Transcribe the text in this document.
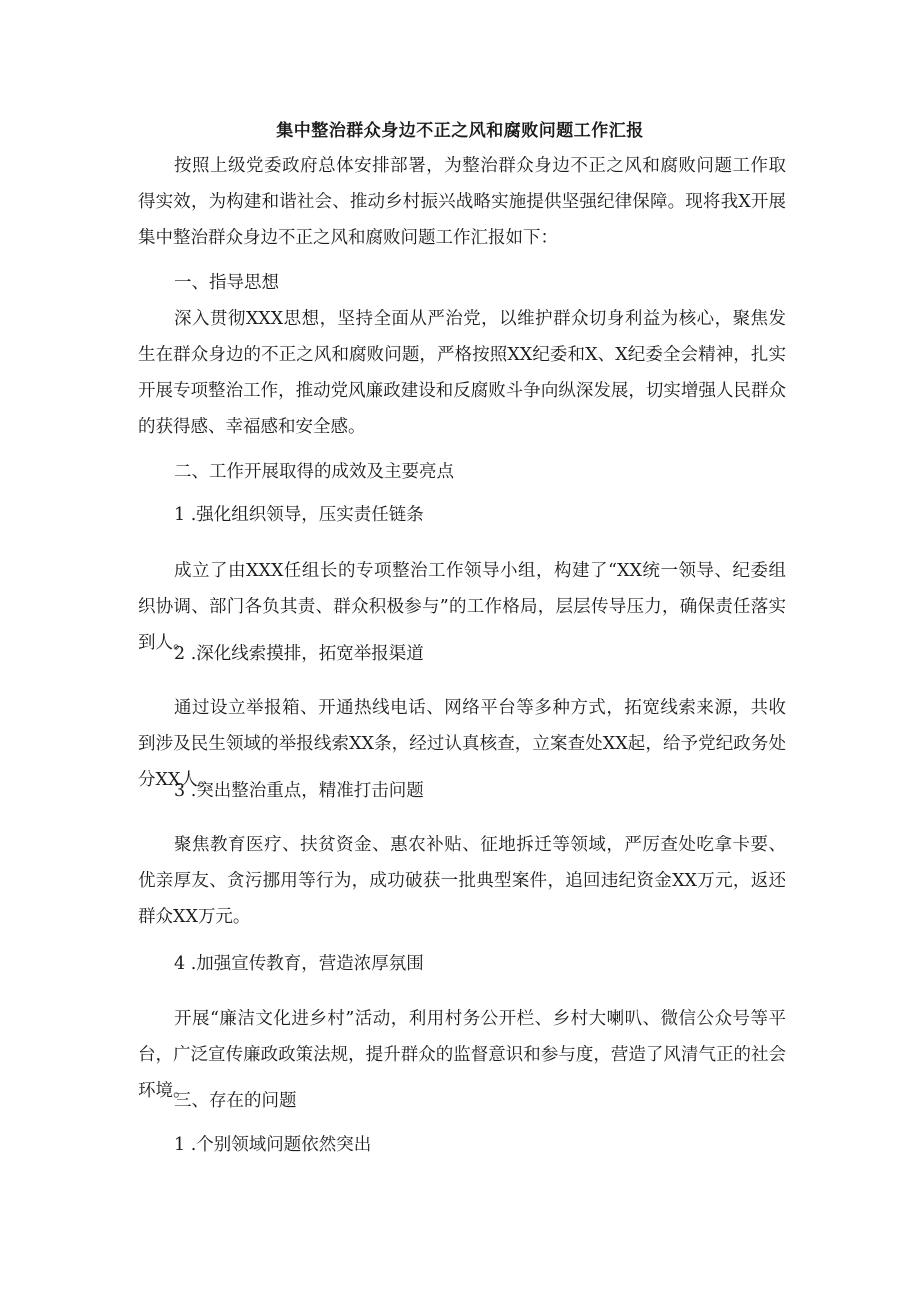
集中整治群众身边不正之风和腐败问题工作汇报

按照上级党委政府总体安排部署，为整治群众身边不正之风和腐败问题工作取得实效，为构建和谐社会、推动乡村振兴战略实施提供坚强纪律保障。现将我X开展集中整治群众身边不正之风和腐败问题工作汇报如下：

一、指导思想

深入贯彻XXX思想，坚持全面从严治党，以维护群众切身利益为核心，聚焦发生在群众身边的不正之风和腐败问题，严格按照XX纪委和X、X纪委全会精神，扎实开展专项整治工作，推动党风廉政建设和反腐败斗争向纵深发展，切实增强人民群众的获得感、幸福感和安全感。

二、工作开展取得的成效及主要亮点

1 .强化组织领导，压实责任链条

成立了由XXX任组长的专项整治工作领导小组，构建了“XX统一领导、纪委组织协调、部门各负其责、群众积极参与”的工作格局，层层传导压力，确保责任落实到人。

2 .深化线索摸排，拓宽举报渠道

通过设立举报箱、开通热线电话、网络平台等多种方式，拓宽线索来源，共收到涉及民生领域的举报线索XX条，经过认真核查，立案查处XX起，给予党纪政务处分XX人。

3 .突出整治重点，精准打击问题

聚焦教育医疗、扶贫资金、惠农补贴、征地拆迁等领域，严厉查处吃拿卡要、优亲厚友、贪污挪用等行为，成功破获一批典型案件，追回违纪资金XX万元，返还群众XX万元。

4 .加强宣传教育，营造浓厚氛围

开展“廉洁文化进乡村”活动，利用村务公开栏、乡村大喇叭、微信公众号等平台，广泛宣传廉政政策法规，提升群众的监督意识和参与度，营造了风清气正的社会环境。

三、存在的问题

1 .个别领域问题依然突出
